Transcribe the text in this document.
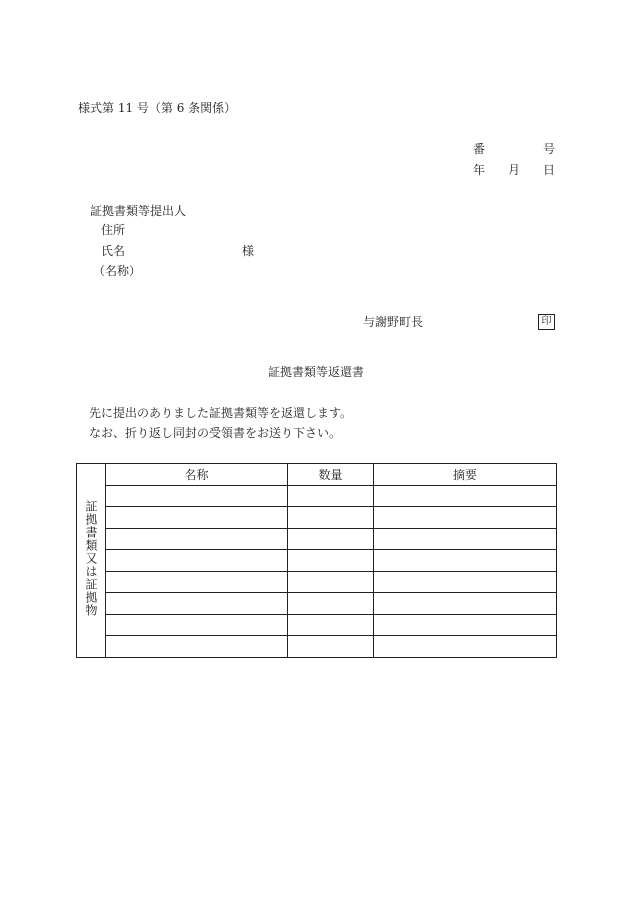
様式第 11 号（第 6 条関係）
番	号
年 月 日
証拠書類等提出人
住所
氏名	様
（名称）
与謝野町長	印
証拠書類等返還書
先に提出のありました証拠書類等を返還します。
なお、折り返し同封の受領書をお送り下さい。
証拠書類又は証拠物	名称	数量	摘要
